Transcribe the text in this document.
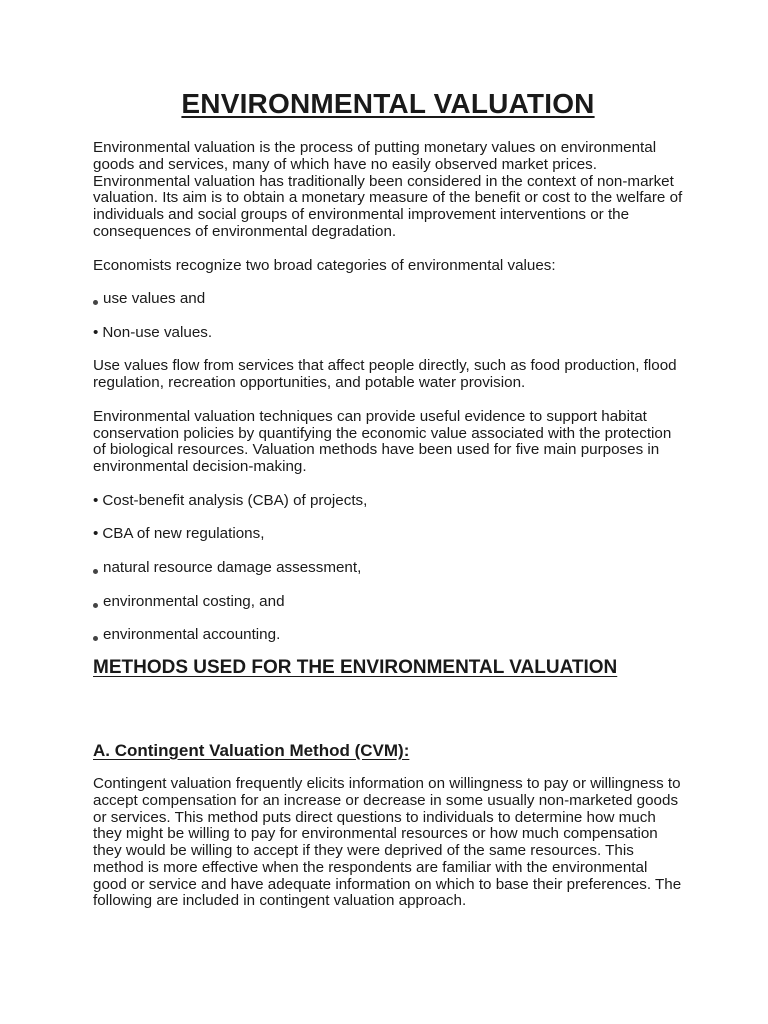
ENVIRONMENTAL VALUATION

Environmental valuation is the process of putting monetary values on environmental goods and services, many of which have no easily observed market prices. Environmental valuation has traditionally been considered in the context of non-market valuation. Its aim is to obtain a monetary measure of the benefit or cost to the welfare of individuals and social groups of environmental improvement interventions or the consequences of environmental degradation.

Economists recognize two broad categories of environmental values:

use values and
• Non-use values.

Use values flow from services that affect people directly, such as food production, flood regulation, recreation opportunities, and potable water provision.

Environmental valuation techniques can provide useful evidence to support habitat conservation policies by quantifying the economic value associated with the protection of biological resources. Valuation methods have been used for five main purposes in environmental decision-making.

• Cost-benefit analysis (CBA) of projects,
• CBA of new regulations,
natural resource damage assessment,
environmental costing, and
environmental accounting.
METHODS USED FOR THE ENVIRONMENTAL VALUATION
A. Contingent Valuation Method (CVM):

Contingent valuation frequently elicits information on willingness to pay or willingness to accept compensation for an increase or decrease in some usually non-marketed goods or services. This method puts direct questions to individuals to determine how much they might be willing to pay for environmental resources or how much compensation they would be willing to accept if they were deprived of the same resources. This method is more effective when the respondents are familiar with the environmental good or service and have adequate information on which to base their preferences. The following are included in contingent valuation approach.
